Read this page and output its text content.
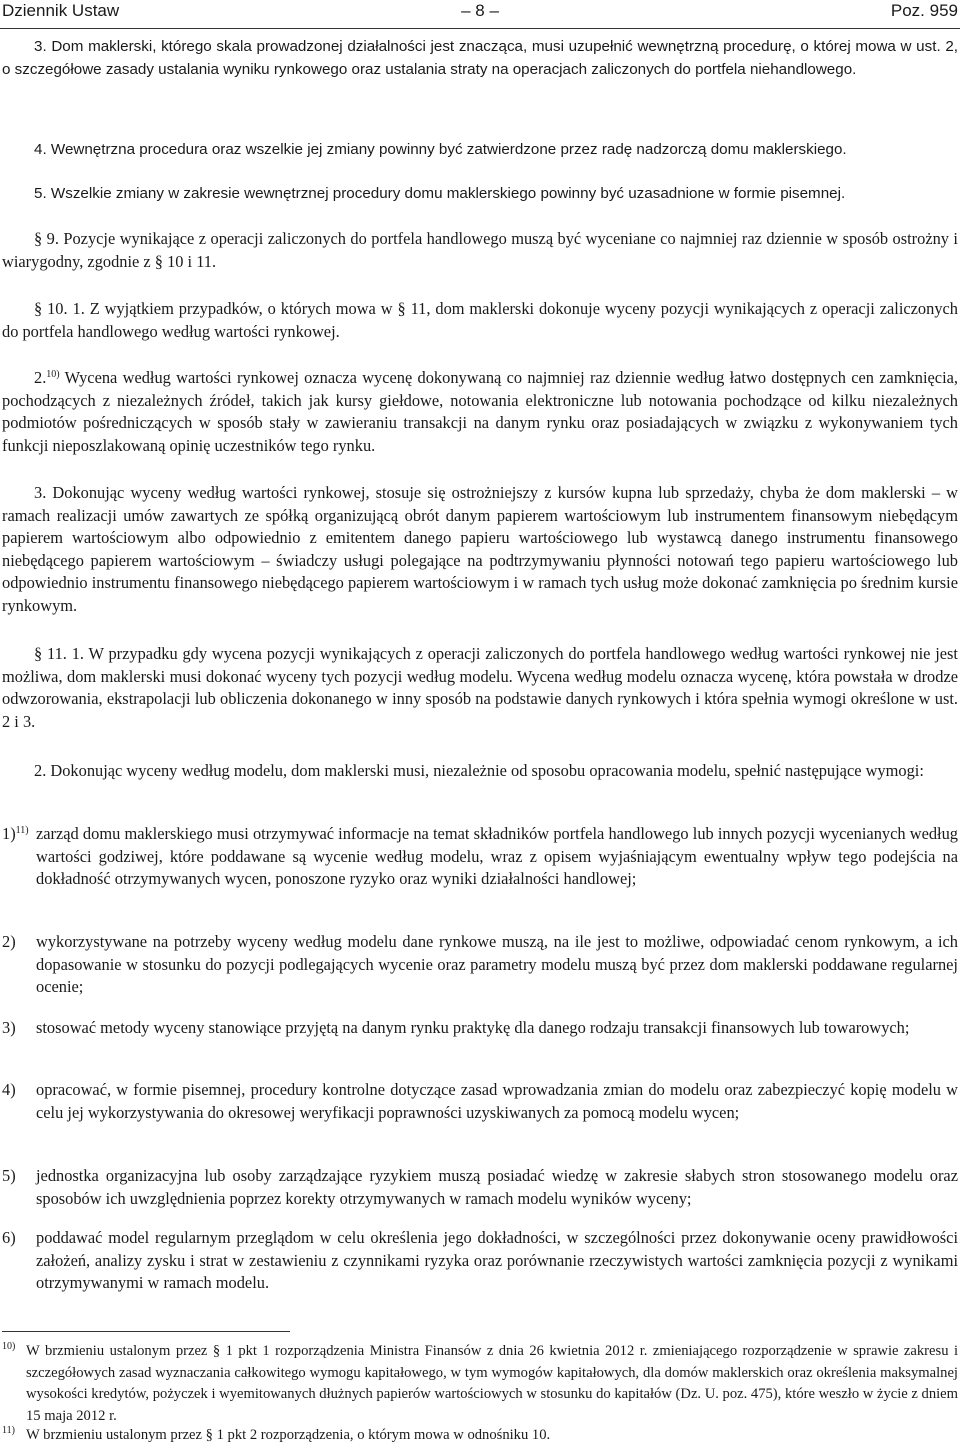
Dziennik Ustaw	– 8 –	Poz. 959
3. Dom maklerski, którego skala prowadzonej działalności jest znacząca, musi uzupełnić wewnętrzną procedurę, o której mowa w ust. 2, o szczegółowe zasady ustalania wyniku rynkowego oraz ustalania straty na operacjach zaliczonych do portfela niehandlowego.
4. Wewnętrzna procedura oraz wszelkie jej zmiany powinny być zatwierdzone przez radę nadzorczą domu maklerskiego.
5. Wszelkie zmiany w zakresie wewnętrznej procedury domu maklerskiego powinny być uzasadnione w formie pisemnej.
§ 9. Pozycje wynikające z operacji zaliczonych do portfela handlowego muszą być wyceniane co najmniej raz dziennie w sposób ostrożny i wiarygodny, zgodnie z § 10 i 11.
§ 10. 1. Z wyjątkiem przypadków, o których mowa w § 11, dom maklerski dokonuje wyceny pozycji wynikających z operacji zaliczonych do portfela handlowego według wartości rynkowej.
2.$^{10)}$ Wycena według wartości rynkowej oznacza wycenę dokonywaną co najmniej raz dziennie według łatwo dostępnych cen zamknięcia, pochodzących z niezależnych źródeł, takich jak kursy giełdowe, notowania elektroniczne lub notowania pochodzące od kilku niezależnych podmiotów pośredniczących w sposób stały w zawieraniu transakcji na danym rynku oraz posiadających w związku z wykonywaniem tych funkcji nieposzlakowaną opinię uczestników tego rynku.
3. Dokonując wyceny według wartości rynkowej, stosuje się ostrożniejszy z kursów kupna lub sprzedaży, chyba że dom maklerski – w ramach realizacji umów zawartych ze spółką organizującą obrót danym papierem wartościowym lub instrumentem finansowym niebędącym papierem wartościowym albo odpowiednio z emitentem danego papieru wartościowego lub wystawcą danego instrumentu finansowego niebędącego papierem wartościowym – świadczy usługi polegające na podtrzymywaniu płynności notowań tego papieru wartościowego lub odpowiednio instrumentu finansowego niebędącego papierem wartościowym i w ramach tych usług może dokonać zamknięcia po średnim kursie rynkowym.
§ 11. 1. W przypadku gdy wycena pozycji wynikających z operacji zaliczonych do portfela handlowego według wartości rynkowej nie jest możliwa, dom maklerski musi dokonać wyceny tych pozycji według modelu. Wycena według modelu oznacza wycenę, która powstała w drodze odwzorowania, ekstrapolacji lub obliczenia dokonanego w inny sposób na podstawie danych rynkowych i która spełnia wymogi określone w ust. 2 i 3.
2. Dokonując wyceny według modelu, dom maklerski musi, niezależnie od sposobu opracowania modelu, spełnić następujące wymogi:
1)$^{11)}$ zarząd domu maklerskiego musi otrzymywać informacje na temat składników portfela handlowego lub innych pozycji wycenianych według wartości godziwej, które poddawane są wycenie według modelu, wraz z opisem wyjaśniającym ewentualny wpływ tego podejścia na dokładność otrzymywanych wycen, ponoszone ryzyko oraz wyniki działalności handlowej;
2) wykorzystywane na potrzeby wyceny według modelu dane rynkowe muszą, na ile jest to możliwe, odpowiadać cenom rynkowym, a ich dopasowanie w stosunku do pozycji podlegających wycenie oraz parametry modelu muszą być przez dom maklerski poddawane regularnej ocenie;
3) stosować metody wyceny stanowiące przyjętą na danym rynku praktykę dla danego rodzaju transakcji finansowych lub towarowych;
4) opracować, w formie pisemnej, procedury kontrolne dotyczące zasad wprowadzania zmian do modelu oraz zabezpieczyć kopię modelu w celu jej wykorzystywania do okresowej weryfikacji poprawności uzyskiwanych za pomocą modelu wycen;
5) jednostka organizacyjna lub osoby zarządzające ryzykiem muszą posiadać wiedzę w zakresie słabych stron stosowanego modelu oraz sposobów ich uwzględnienia poprzez korekty otrzymywanych w ramach modelu wyników wyceny;
6) poddawać model regularnym przeglądom w celu określenia jego dokładności, w szczególności przez dokonywanie oceny prawidłowości założeń, analizy zysku i strat w zestawieniu z czynnikami ryzyka oraz porównanie rzeczywistych wartości zamknięcia pozycji z wynikami otrzymywanymi w ramach modelu.
10) W brzmieniu ustalonym przez § 1 pkt 1 rozporządzenia Ministra Finansów z dnia 26 kwietnia 2012 r. zmieniającego rozporządzenie w sprawie zakresu i szczegółowych zasad wyznaczania całkowitego wymogu kapitałowego, w tym wymogów kapitałowych, dla domów maklerskich oraz określenia maksymalnej wysokości kredytów, pożyczek i wyemitowanych dłużnych papierów wartościowych w stosunku do kapitałów (Dz. U. poz. 475), które weszło w życie z dniem 15 maja 2012 r.
11) W brzmieniu ustalonym przez § 1 pkt 2 rozporządzenia, o którym mowa w odnośniku 10.
